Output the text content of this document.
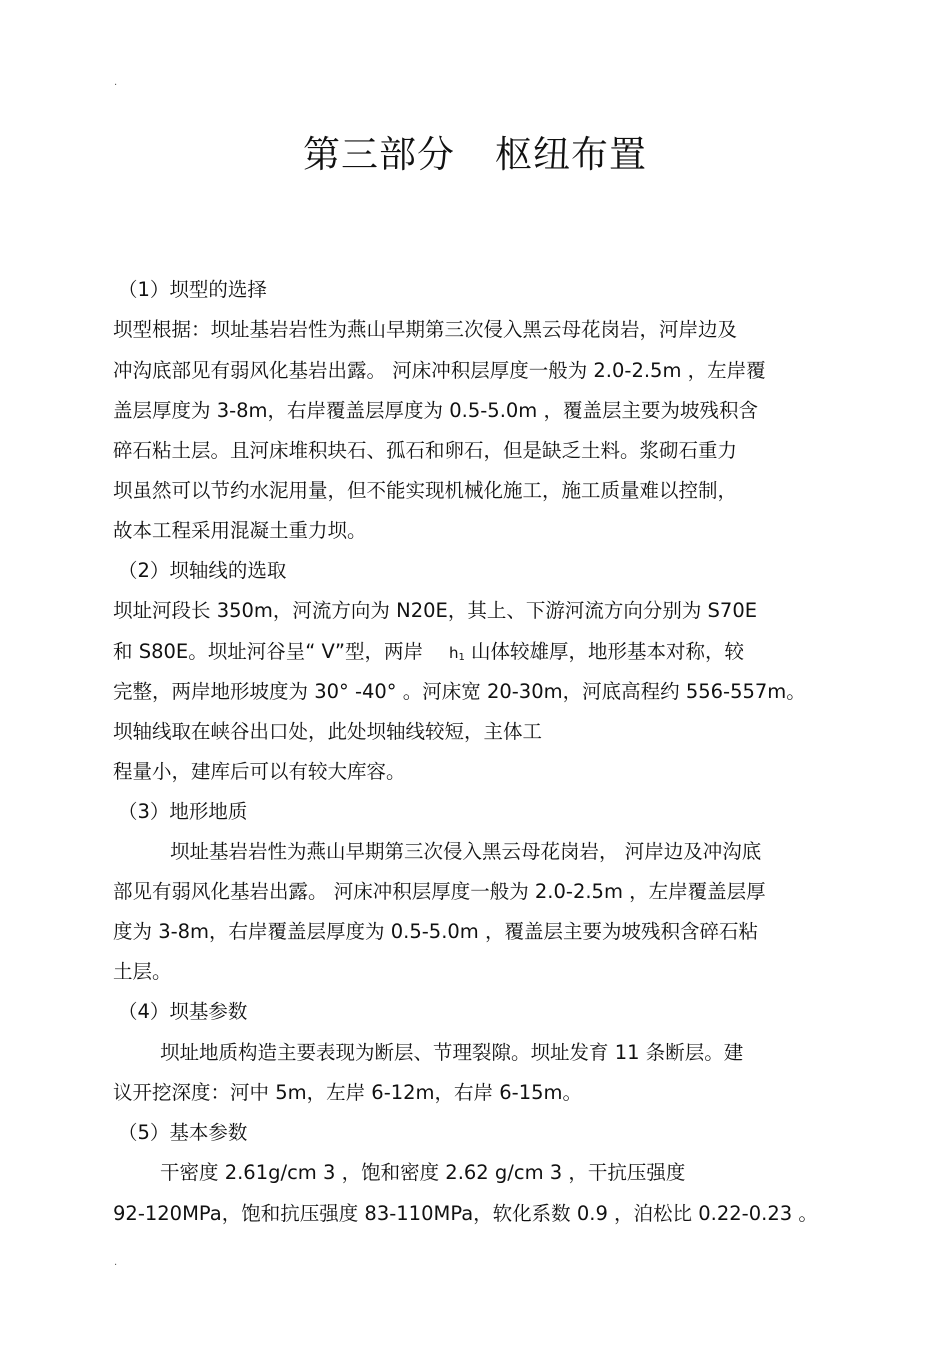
.
第三部分 枢纽布置
（1）坝型的选择
坝型根据：坝址基岩岩性为燕山早期第三次侵入黑云母花岗岩，河岸边及
冲沟底部见有弱风化基岩出露。 河床冲积层厚度一般为 2.0-2.5m ，左岸覆
盖层厚度为 3-8m，右岸覆盖层厚度为 0.5-5.0m ，覆盖层主要为坡残积含
碎石粘土层。且河床堆积块石、孤石和卵石，但是缺乏土料。浆砌石重力
坝虽然可以节约水泥用量，但不能实现机械化施工，施工质量难以控制，
故本工程采用混凝土重力坝。
（2）坝轴线的选取
坝址河段长 350m，河流方向为 N20E，其上、下游河流方向分别为 S70E
和 S80E。坝址河谷呈“ V”型，两岸 $h_1$ 山体较雄厚，地形基本对称，较
完整，两岸地形坡度为 30° -40° 。河床宽 20-30m，河底高程约 556-557m。
坝轴线取在峡谷出口处，此处坝轴线较短，主体工
程量小，建库后可以有较大库容。
（3）地形地质
坝址基岩岩性为燕山早期第三次侵入黑云母花岗岩， 河岸边及冲沟底
部见有弱风化基岩出露。 河床冲积层厚度一般为 2.0-2.5m ，左岸覆盖层厚
度为 3-8m，右岸覆盖层厚度为 0.5-5.0m ，覆盖层主要为坡残积含碎石粘
土层。
（4）坝基参数
坝址地质构造主要表现为断层、节理裂隙。坝址发育 11 条断层。建
议开挖深度：河中 5m，左岸 6-12m，右岸 6-15m。
（5）基本参数
干密度 2.61g/cm 3 ，饱和密度 2.62 g/cm 3 ，干抗压强度
92-120MPa，饱和抗压强度 83-110MPa，软化系数 0.9 ，泊松比 0.22-0.23 。
.
